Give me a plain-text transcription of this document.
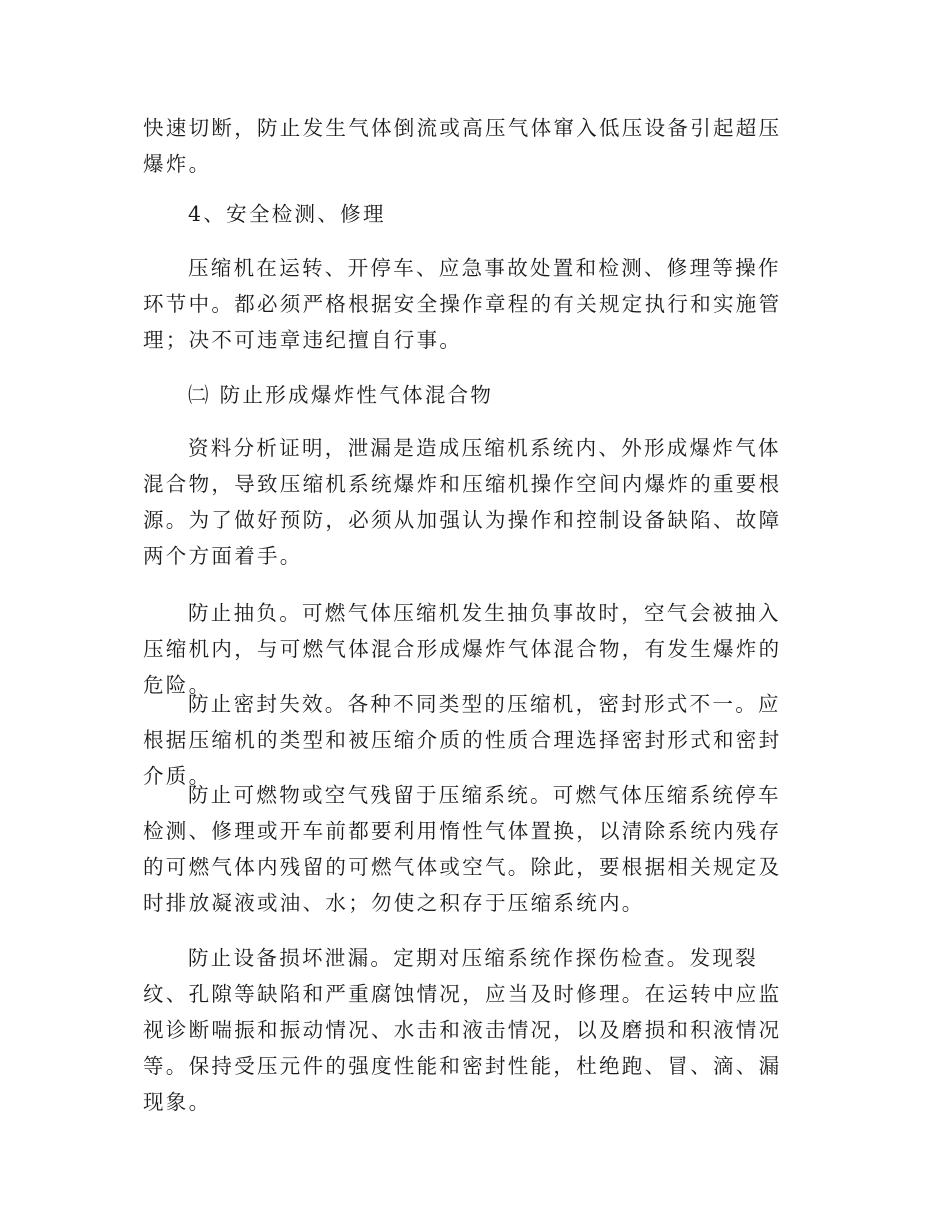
快速切断，防止发生气体倒流或高压气体窜入低压设备引起超压爆炸。

4、安全检测、修理

压缩机在运转、开停车、应急事故处置和检测、修理等操作环节中。都必须严格根据安全操作章程的有关规定执行和实施管理；决不可违章违纪擅自行事。

㈡ 防止形成爆炸性气体混合物

资料分析证明，泄漏是造成压缩机系统内、外形成爆炸气体混合物，导致压缩机系统爆炸和压缩机操作空间内爆炸的重要根源。为了做好预防，必须从加强认为操作和控制设备缺陷、故障两个方面着手。

防止抽负。可燃气体压缩机发生抽负事故时，空气会被抽入压缩机内，与可燃气体混合形成爆炸气体混合物，有发生爆炸的危险。

防止密封失效。各种不同类型的压缩机，密封形式不一。应根据压缩机的类型和被压缩介质的性质合理选择密封形式和密封介质。

防止可燃物或空气残留于压缩系统。可燃气体压缩系统停车检测、修理或开车前都要利用惰性气体置换，以清除系统内残存的可燃气体内残留的可燃气体或空气。除此，要根据相关规定及时排放凝液或油、水；勿使之积存于压缩系统内。

防止设备损坏泄漏。定期对压缩系统作探伤检查。发现裂纹、孔隙等缺陷和严重腐蚀情况，应当及时修理。在运转中应监视诊断喘振和振动情况、水击和液击情况，以及磨损和积液情况等。保持受压元件的强度性能和密封性能，杜绝跑、冒、滴、漏现象。
